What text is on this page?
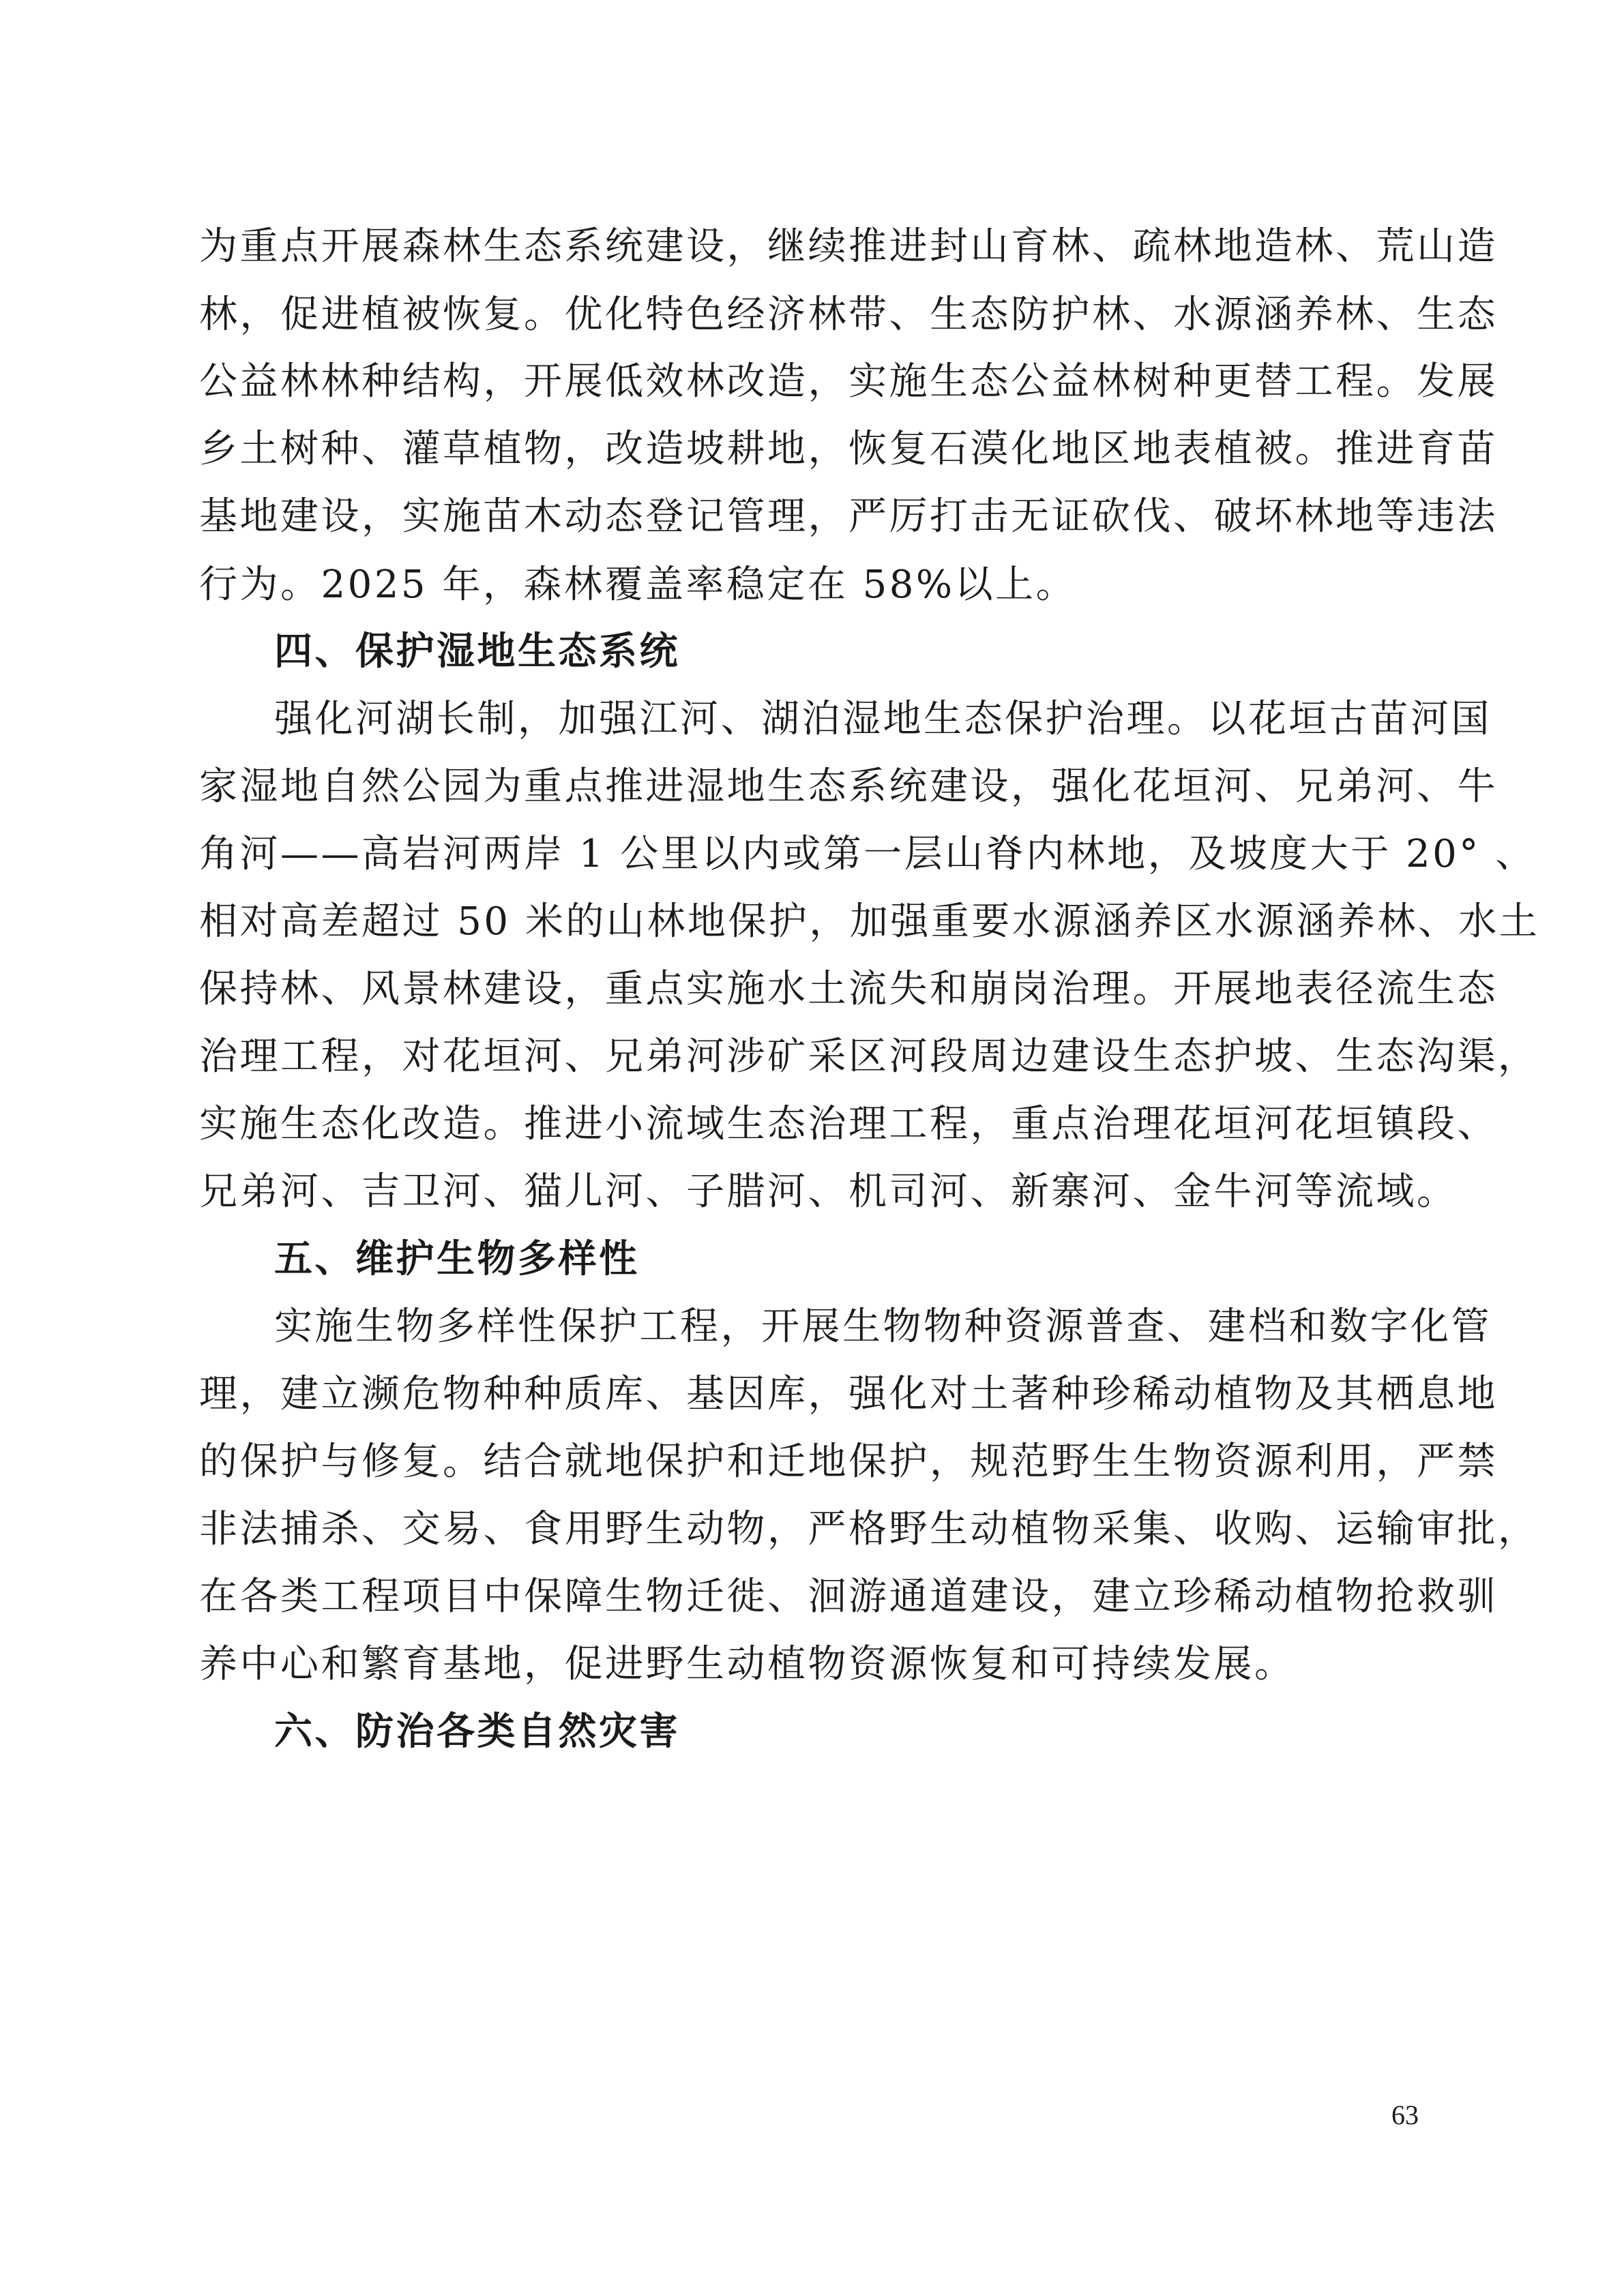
为重点开展森林生态系统建设，继续推进封山育林、疏林地造林、荒山造
林，促进植被恢复。优化特色经济林带、生态防护林、水源涵养林、生态
公益林林种结构，开展低效林改造，实施生态公益林树种更替工程。发展
乡土树种、灌草植物，改造坡耕地，恢复石漠化地区地表植被。推进育苗
基地建设，实施苗木动态登记管理，严厉打击无证砍伐、破坏林地等违法
行为。2025 年，森林覆盖率稳定在 58%以上。
四、保护湿地生态系统
强化河湖长制，加强江河、湖泊湿地生态保护治理。以花垣古苗河国
家湿地自然公园为重点推进湿地生态系统建设，强化花垣河、兄弟河、牛
角河——高岩河两岸 1 公里以内或第一层山脊内林地，及坡度大于 20° 、
相对高差超过 50 米的山林地保护，加强重要水源涵养区水源涵养林、水土
保持林、风景林建设，重点实施水土流失和崩岗治理。开展地表径流生态
治理工程，对花垣河、兄弟河涉矿采区河段周边建设生态护坡、生态沟渠，
实施生态化改造。推进小流域生态治理工程，重点治理花垣河花垣镇段、
兄弟河、吉卫河、猫儿河、子腊河、机司河、新寨河、金牛河等流域。
五、维护生物多样性
实施生物多样性保护工程，开展生物物种资源普查、建档和数字化管
理，建立濒危物种种质库、基因库，强化对土著种珍稀动植物及其栖息地
的保护与修复。结合就地保护和迁地保护，规范野生生物资源利用，严禁
非法捕杀、交易、食用野生动物，严格野生动植物采集、收购、运输审批，
在各类工程项目中保障生物迁徙、洄游通道建设，建立珍稀动植物抢救驯
养中心和繁育基地，促进野生动植物资源恢复和可持续发展。
六、防治各类自然灾害
63
